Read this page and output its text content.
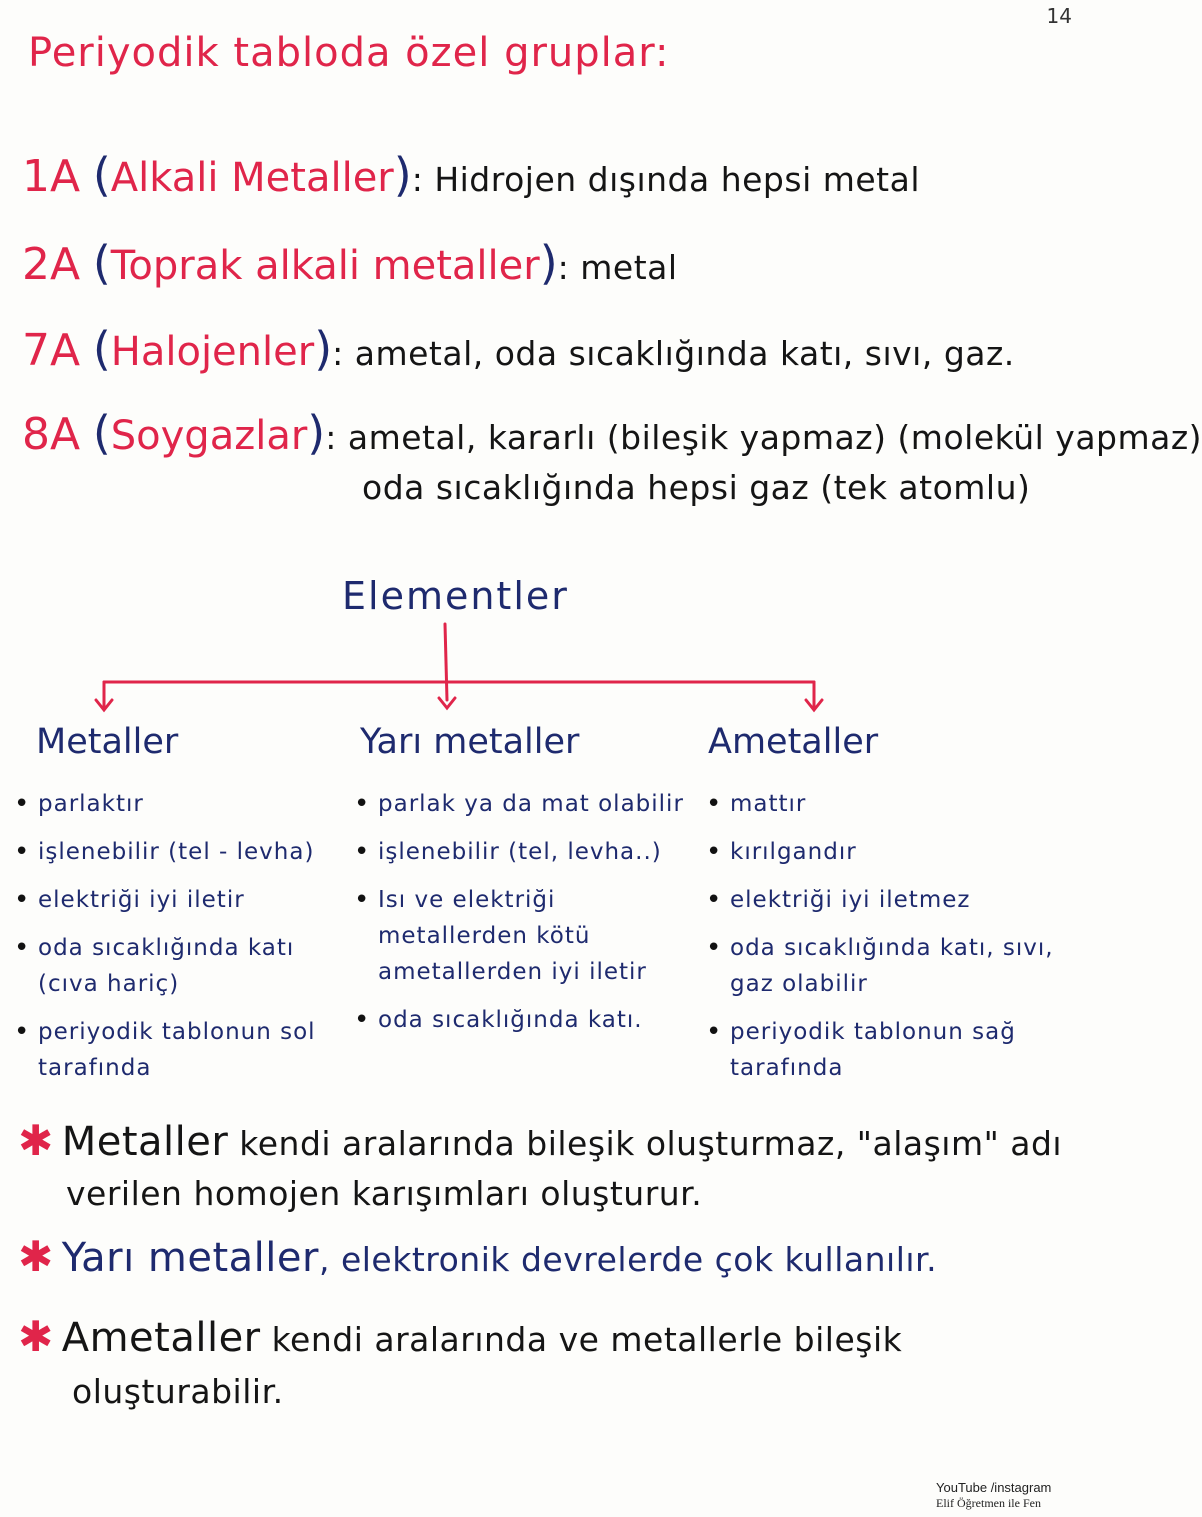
14
Periyodik tabloda özel gruplar:
1A (Alkali Metaller): Hidrojen dışında hepsi metal
2A (Toprak alkali metaller): metal
7A (Halojenler): ametal, oda sıcaklığında katı, sıvı, gaz.
8A (Soygazlar): ametal, kararlı (bileşik yapmaz) (molekül yapmaz)
oda sıcaklığında hepsi gaz (tek atomlu)
Elementler
Metaller	Yarı metaller	Ametaller
• parlaktır
• işlenebilir (tel - levha)
• elektriği iyi iletir
• oda sıcaklığında katı (cıva hariç)
• periyodik tablonun sol tarafında
• parlak ya da mat olabilir
• işlenebilir (tel, levha..)
• Isı ve elektriği metallerden kötü ametallerden iyi iletir
• oda sıcaklığında katı.
• mattır
• kırılgandır
• elektriği iyi iletmez
• oda sıcaklığında katı, sıvı, gaz olabilir
• periyodik tablonun sağ tarafında
✱ Metaller kendi aralarında bileşik oluşturmaz, "alaşım" adı
verilen homojen karışımları oluşturur.
✱ Yarı metaller, elektronik devrelerde çok kullanılır.
✱ Ametaller kendi aralarında ve metallerle bileşik
oluşturabilir.
YouTube /instagram
Elif Öğretmen ile Fen
